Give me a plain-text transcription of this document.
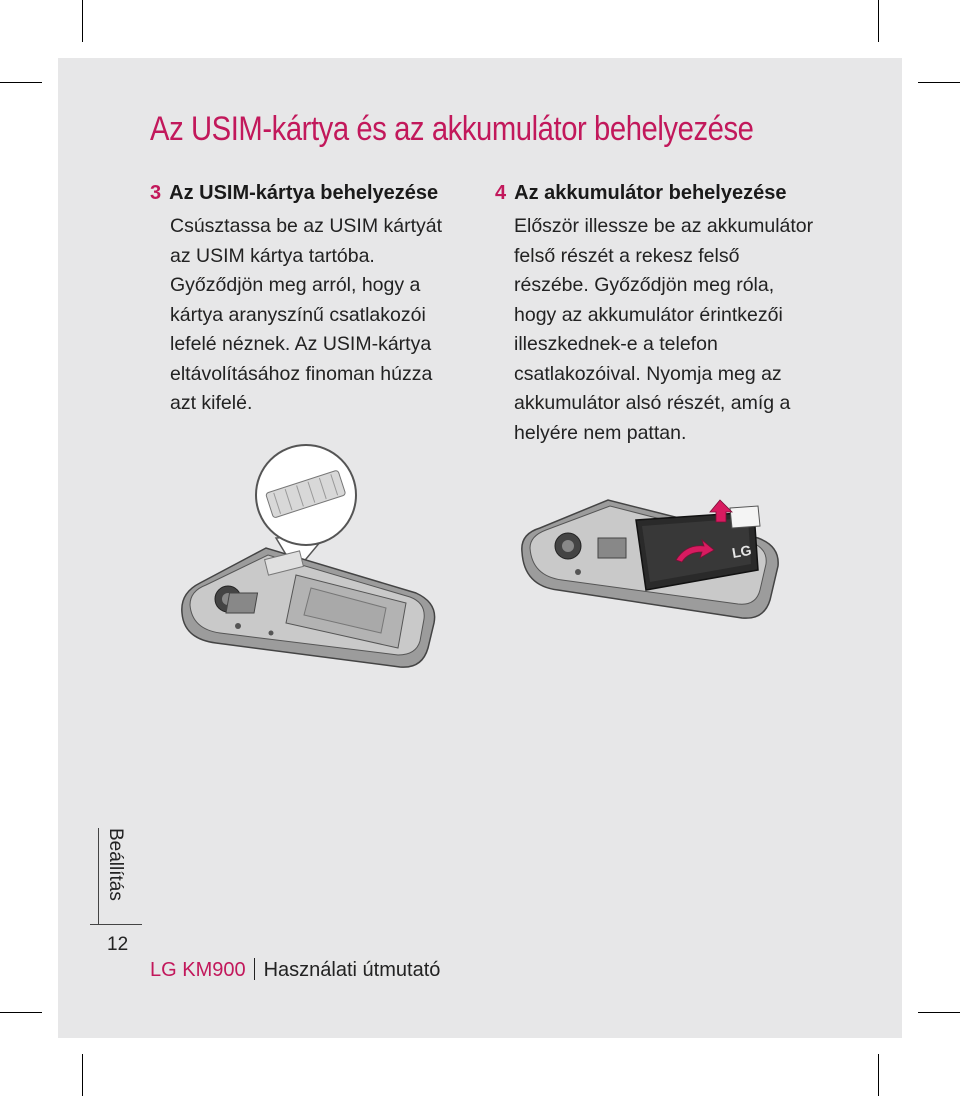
Az USIM-kártya és az akkumulátor behelyezése
3 Az USIM-kártya behelyezése

Csúsztassa be az USIM kártyát
az USIM kártya tartóba.
Győződjön meg arról, hogy a
kártya aranyszínű csatlakozói
lefelé néznek. Az USIM-kártya
eltávolításához finoman húzza
azt kifelé.

4 Az akkumulátor behelyezése

Először illessze be az akkumulátor
felső részét a rekesz felső
részébe. Győződjön meg róla,
hogy az akkumulátor érintkezői
illeszkednek-e a telefon
csatlakozóival. Nyomja meg az
akkumulátor alsó részét, amíg a
helyére nem pattan.

LG
Beállítás
12
LG KM900 Használati útmutató
